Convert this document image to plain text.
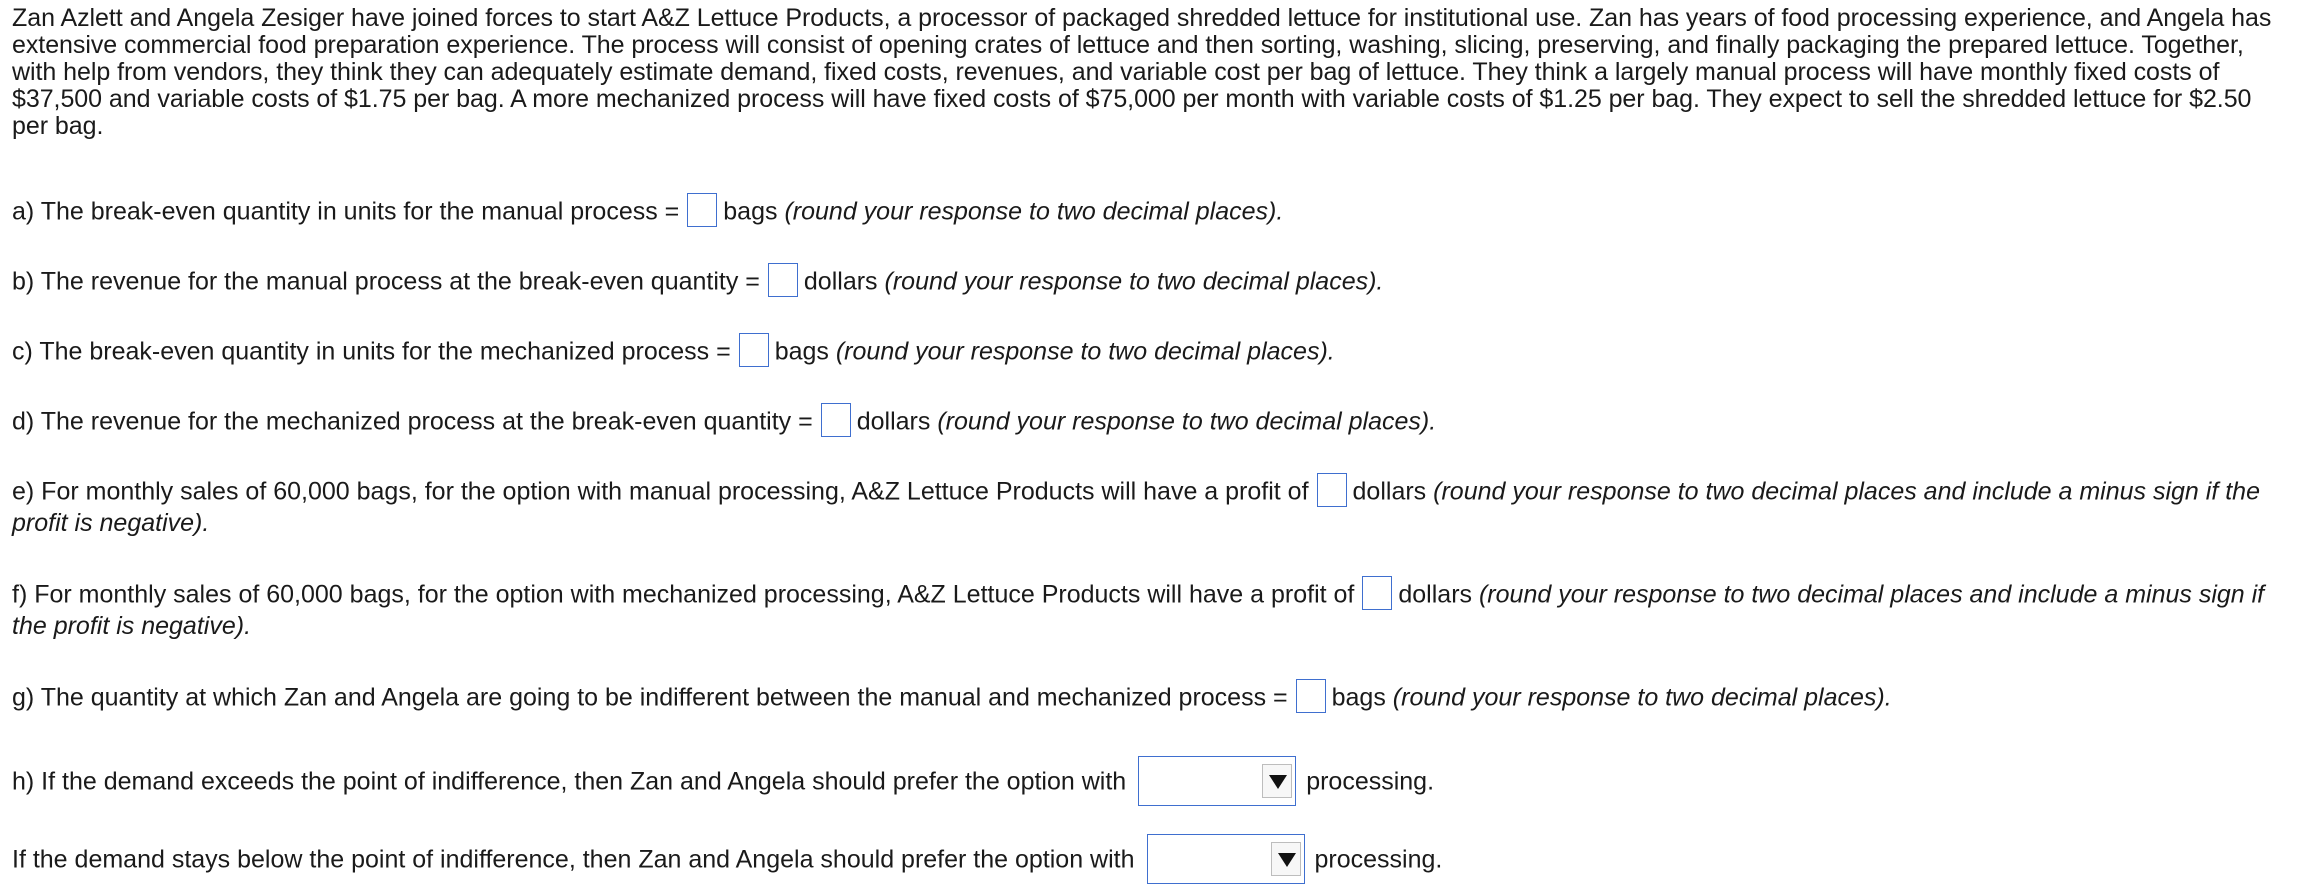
Zan Azlett and Angela Zesiger have joined forces to start A&Z Lettuce Products, a processor of packaged shredded lettuce for institutional use. Zan has years of food processing experience, and Angela has extensive commercial food preparation experience. The process will consist of opening crates of lettuce and then sorting, washing, slicing, preserving, and finally packaging the prepared lettuce. Together, with help from vendors, they think they can adequately estimate demand, fixed costs, revenues, and variable cost per bag of lettuce. They think a largely manual process will have monthly fixed costs of $37,500 and variable costs of $1.75 per bag. A more mechanized process will have fixed costs of $75,000 per month with variable costs of $1.25 per bag. They expect to sell the shredded lettuce for $2.50 per bag.
a) The break-even quantity in units for the manual process = bags (round your response to two decimal places).
b) The revenue for the manual process at the break-even quantity = dollars (round your response to two decimal places).
c) The break-even quantity in units for the mechanized process = bags (round your response to two decimal places).
d) The revenue for the mechanized process at the break-even quantity = dollars (round your response to two decimal places).
e) For monthly sales of 60,000 bags, for the option with manual processing, A&Z Lettuce Products will have a profit of dollars (round your response to two decimal places and include a minus sign if the profit is negative).
f) For monthly sales of 60,000 bags, for the option with mechanized processing, A&Z Lettuce Products will have a profit of dollars (round your response to two decimal places and include a minus sign if the profit is negative).
g) The quantity at which Zan and Angela are going to be indifferent between the manual and mechanized process = bags (round your response to two decimal places).
h) If the demand exceeds the point of indifference, then Zan and Angela should prefer the option with	processing.
If the demand stays below the point of indifference, then Zan and Angela should prefer the option with	processing.
